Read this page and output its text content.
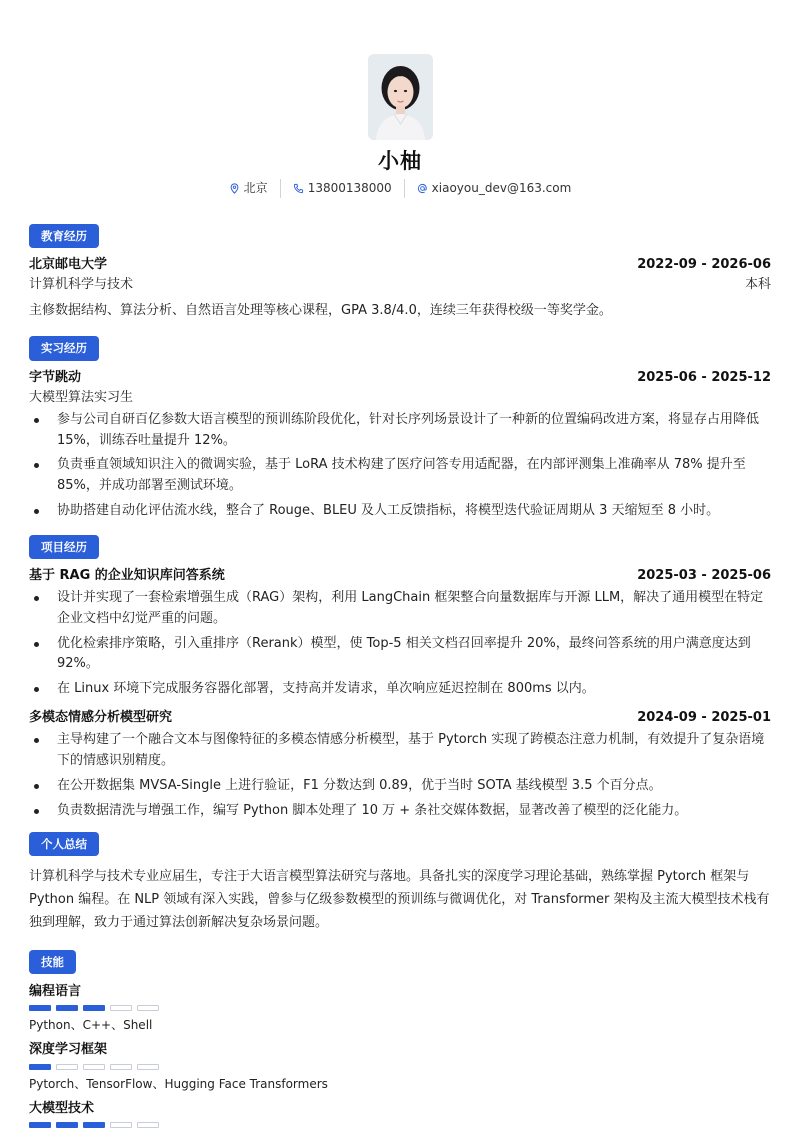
小柚
北京	13800138000	xiaoyou_dev@163.com
教育经历
北京邮电大学	2022-09 - 2026-06
计算机科学与技术	本科
主修数据结构、算法分析、自然语言处理等核心课程，GPA 3.8/4.0，连续三年获得校级一等奖学金。
实习经历
字节跳动	2025-06 - 2025-12
大模型算法实习生
参与公司自研百亿参数大语言模型的预训练阶段优化，针对长序列场景设计了一种新的位置编码改进方案，将显存占用降低 15%，训练吞吐量提升 12%。
负责垂直领域知识注入的微调实验，基于 LoRA 技术构建了医疗问答专用适配器，在内部评测集上准确率从 78% 提升至 85%，并成功部署至测试环境。
协助搭建自动化评估流水线，整合了 Rouge、BLEU 及人工反馈指标，将模型迭代验证周期从 3 天缩短至 8 小时。
项目经历
基于 RAG 的企业知识库问答系统	2025-03 - 2025-06
设计并实现了一套检索增强生成（RAG）架构，利用 LangChain 框架整合向量数据库与开源 LLM，解决了通用模型在特定企业文档中幻觉严重的问题。
优化检索排序策略，引入重排序（Rerank）模型，使 Top-5 相关文档召回率提升 20%，最终问答系统的用户满意度达到 92%。
在 Linux 环境下完成服务容器化部署，支持高并发请求，单次响应延迟控制在 800ms 以内。
多模态情感分析模型研究	2024-09 - 2025-01
主导构建了一个融合文本与图像特征的多模态情感分析模型，基于 Pytorch 实现了跨模态注意力机制，有效提升了复杂语境下的情感识别精度。
在公开数据集 MVSA-Single 上进行验证，F1 分数达到 0.89，优于当时 SOTA 基线模型 3.5 个百分点。
负责数据清洗与增强工作，编写 Python 脚本处理了 10 万 + 条社交媒体数据，显著改善了模型的泛化能力。
个人总结
计算机科学与技术专业应届生，专注于大语言模型算法研究与落地。具备扎实的深度学习理论基础，熟练掌握 Pytorch 框架与 Python 编程。在 NLP 领域有深入实践，曾参与亿级参数模型的预训练与微调优化，对 Transformer 架构及主流大模型技术栈有独到理解，致力于通过算法创新解决复杂场景问题。
技能
编程语言
Python、C++、Shell
深度学习框架
Pytorch、TensorFlow、Hugging Face Transformers
大模型技术
